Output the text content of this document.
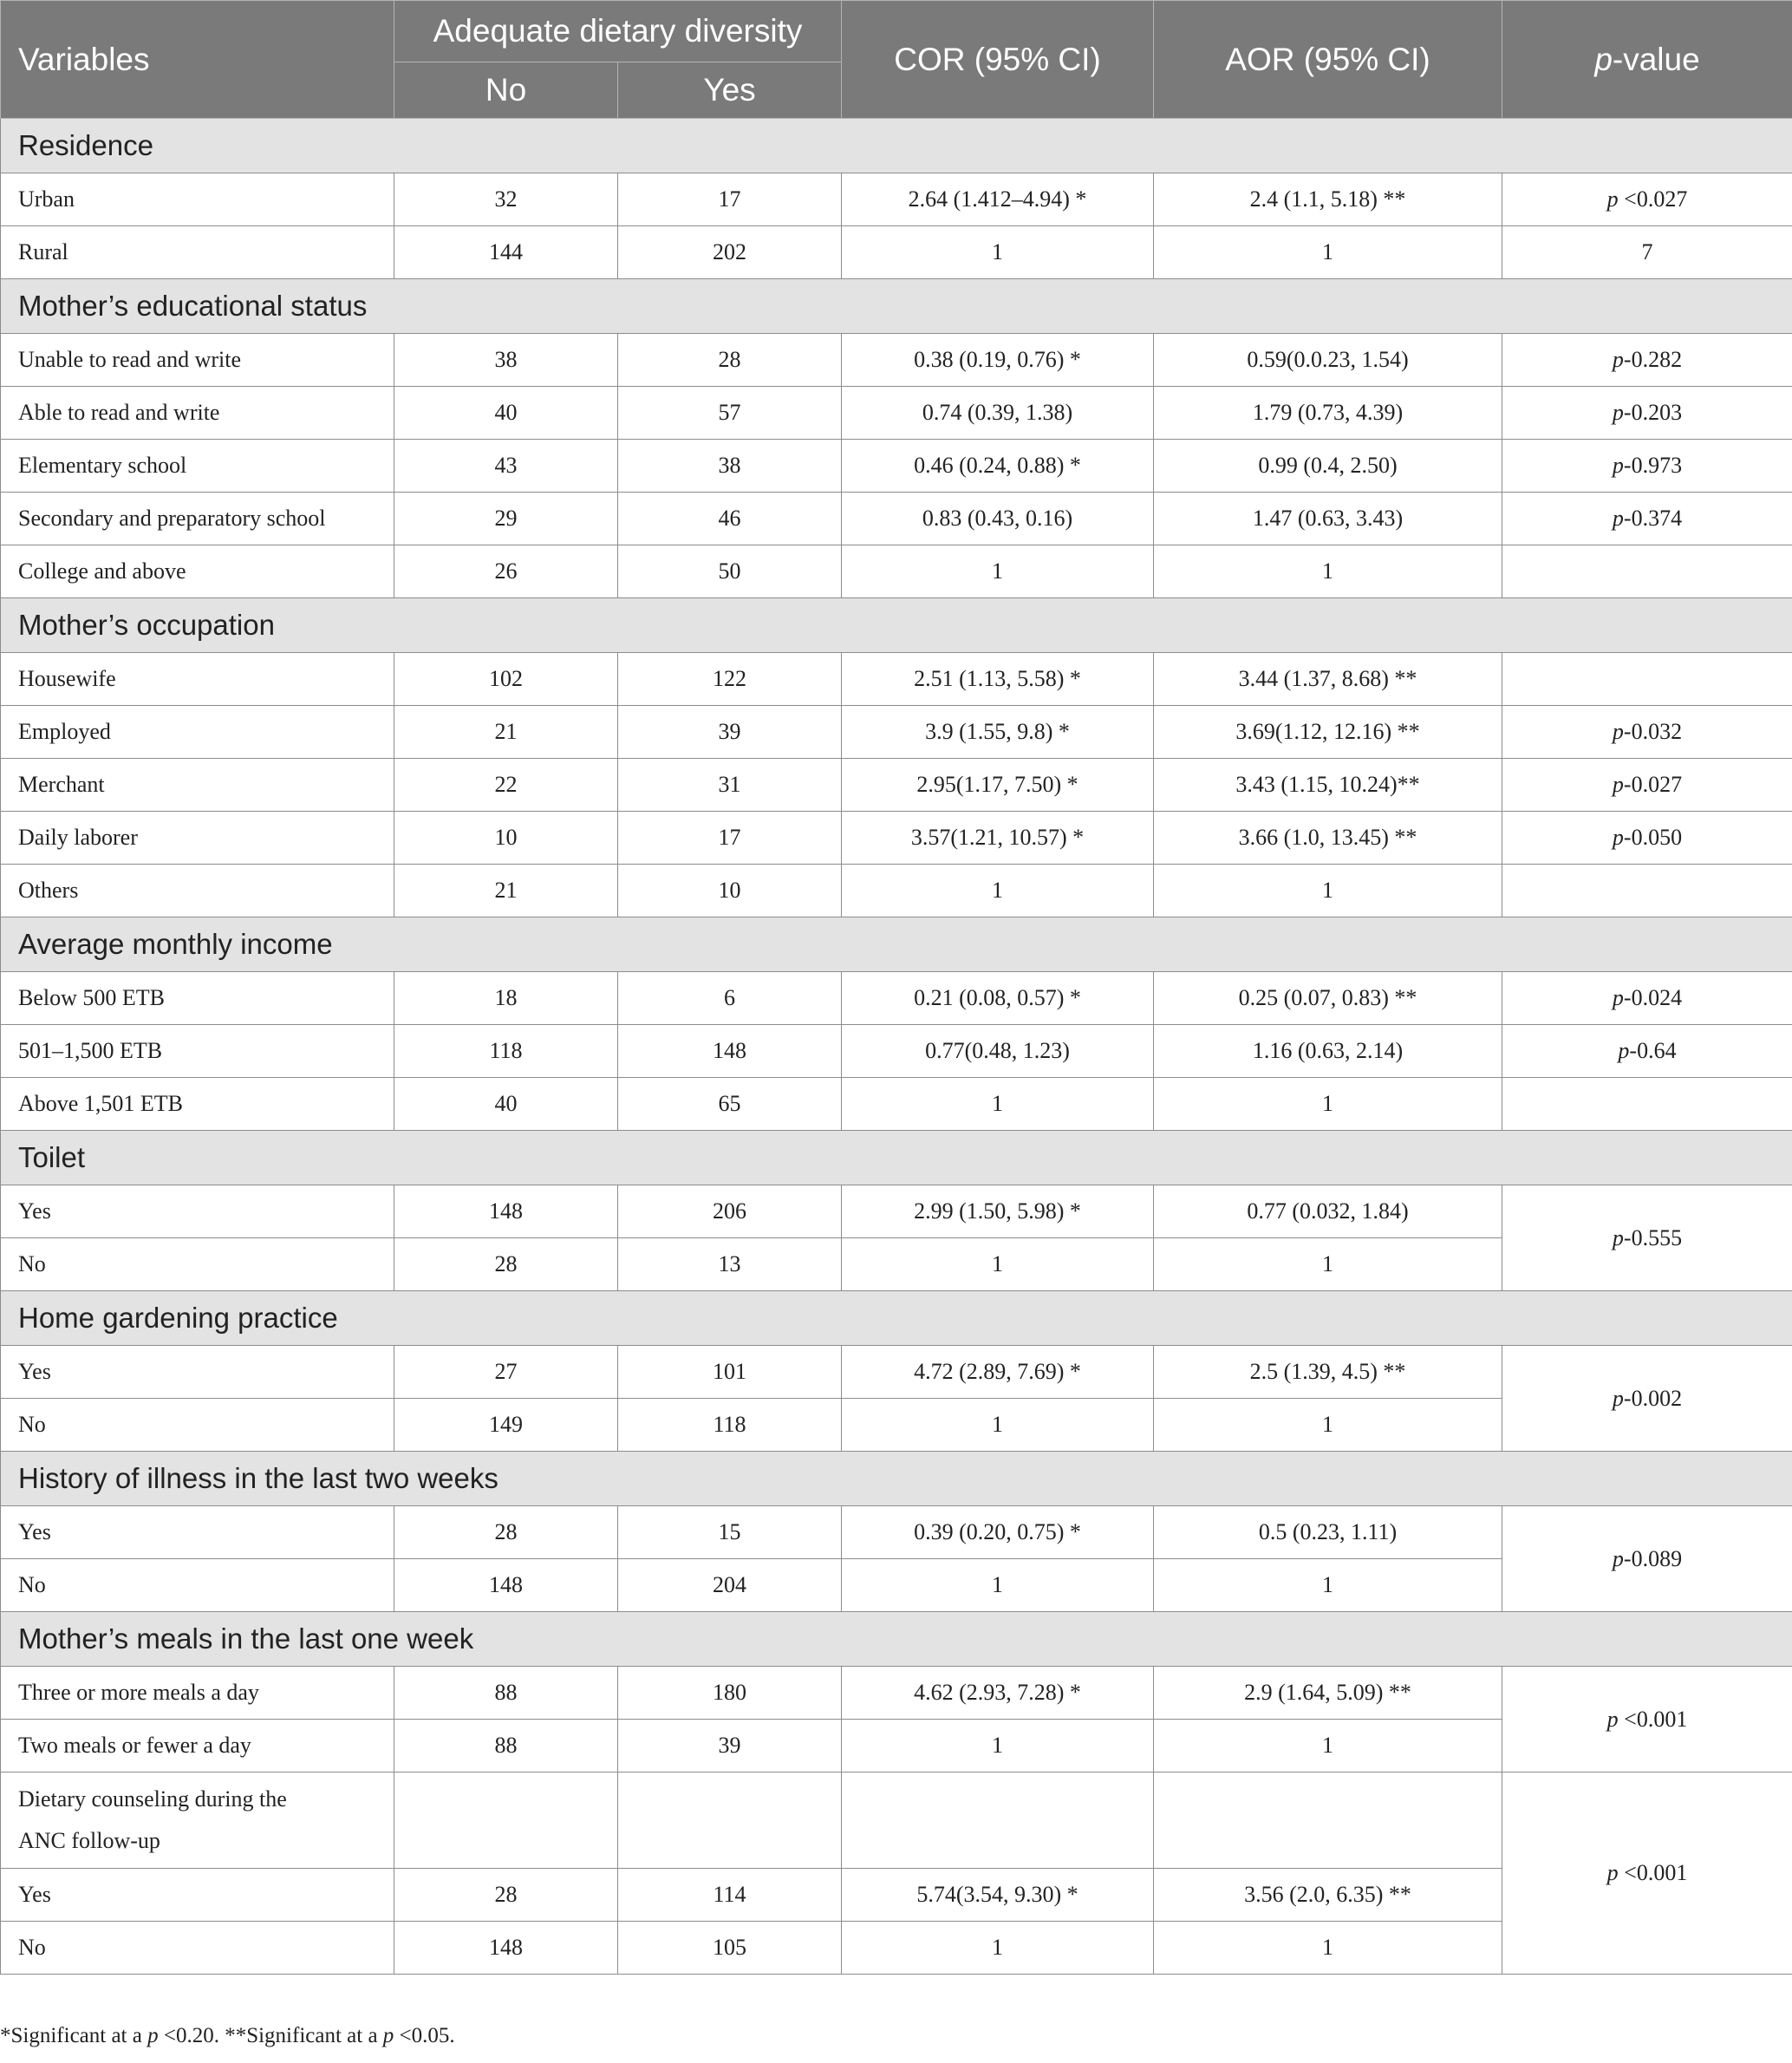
Variables	Adequate dietary diversity		COR (95% CI)	AOR (95% CI)	p-value
	No	Yes			
Residence					
Urban	32	17	2.64 (1.412–4.94) *	2.4 (1.1, 5.18) **	p <0.027
Rural	144	202	1	1	7
Mother’s educational status					
Unable to read and write	38	28	0.38 (0.19, 0.76) *	0.59(0.0.23, 1.54)	p-0.282
Able to read and write	40	57	0.74 (0.39, 1.38)	1.79 (0.73, 4.39)	p-0.203
Elementary school	43	38	0.46 (0.24, 0.88) *	0.99 (0.4, 2.50)	p-0.973
Secondary and preparatory school	29	46	0.83 (0.43, 0.16)	1.47 (0.63, 3.43)	p-0.374
College and above	26	50	1	1	
Mother’s occupation					
Housewife	102	122	2.51 (1.13, 5.58) *	3.44 (1.37, 8.68) **	
Employed	21	39	3.9 (1.55, 9.8) *	3.69(1.12, 12.16) **	p-0.032
Merchant	22	31	2.95(1.17, 7.50) *	3.43 (1.15, 10.24)**	p-0.027
Daily laborer	10	17	3.57(1.21, 10.57) *	3.66 (1.0, 13.45) **	p-0.050
Others	21	10	1	1	
Average monthly income					
Below 500 ETB	18	6	0.21 (0.08, 0.57) *	0.25 (0.07, 0.83) **	p-0.024
501–1,500 ETB	118	148	0.77(0.48, 1.23)	1.16 (0.63, 2.14)	p-0.64
Above 1,501 ETB	40	65	1	1	
Toilet					
Yes	148	206	2.99 (1.50, 5.98) *	0.77 (0.032, 1.84)	p-0.555
No	28	13	1	1	
Home gardening practice					
Yes	27	101	4.72 (2.89, 7.69) *	2.5 (1.39, 4.5) **	p-0.002
No	149	118	1	1	
History of illness in the last two weeks					
Yes	28	15	0.39 (0.20, 0.75) *	0.5 (0.23, 1.11)	p-0.089
No	148	204	1	1	
Mother’s meals in the last one week					
Three or more meals a day	88	180	4.62 (2.93, 7.28) *	2.9 (1.64, 5.09) **	p <0.001
Two meals or fewer a day	88	39	1	1	
Dietary counseling during the
ANC follow-up					p <0.001
Yes	28	114	5.74(3.54, 9.30) *	3.56 (2.0, 6.35) **	
No	148	105	1	1	
*Significant at a p <0.20. **Significant at a p <0.05.
